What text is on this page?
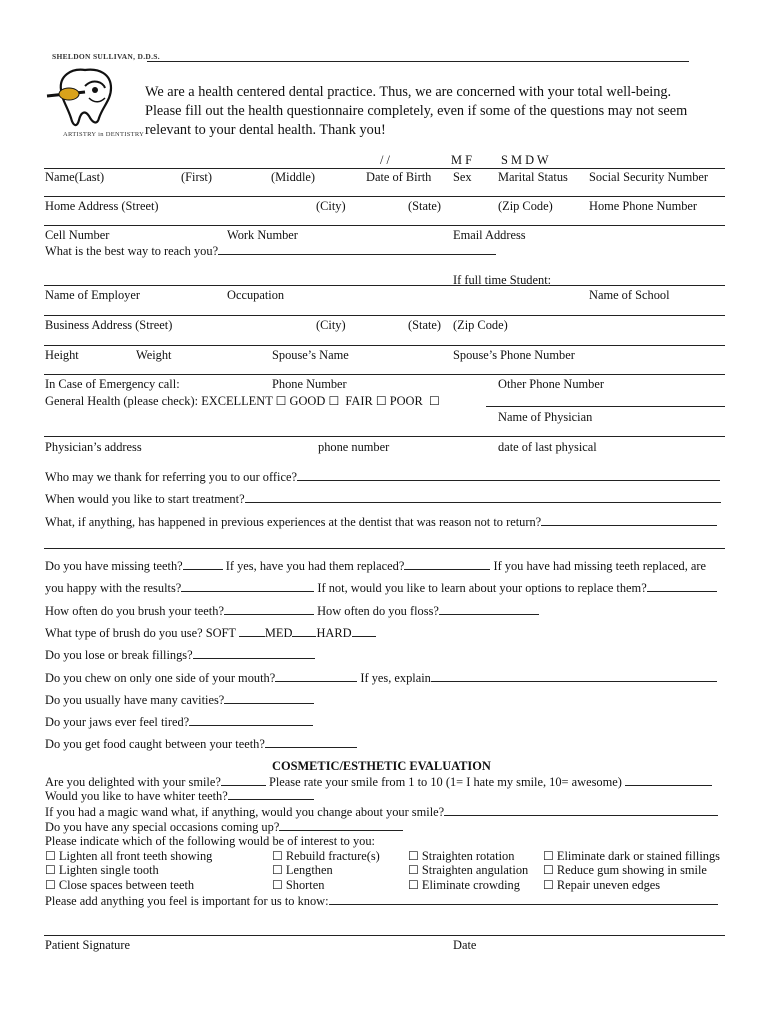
SHELDON SULLIVAN, D.D.S.
ARTISTRY in DENTISTRY
We are a health centered dental practice. Thus, we are concerned with your total well-being.
Please fill out the health questionnaire completely, even if some of the questions may not seem
relevant to your dental health. Thank you!
/ /	M F S M D W
Name(Last)	(First)	(Middle)	Date of Birth Sex Marital Status Social Security Number
Home Address (Street)	(City)	(State)	(Zip Code)	Home Phone Number
Cell Number	Work Number	Email Address
What is the best way to reach you?
If full time Student:
Name of Employer	Occupation	Name of School
Business Address (Street)	(City)	(State) (Zip Code)
Height	Weight	Spouse’s Name	Spouse’s Phone Number
In Case of Emergency call:	Phone Number	Other Phone Number
General Health (please check): EXCELLENT ☐ GOOD ☐ FAIR ☐ POOR ☐
Name of Physician
Physician’s address	phone number	date of last physical
Who may we thank for referring you to our office?
When would you like to start treatment?
What, if anything, has happened in previous experiences at the dentist that was reason not to return?
Do you have missing teeth?	If yes, have you had them replaced?	If you have had missing teeth replaced, are
you happy with the results?	If not, would you like to learn about your options to replace them?
How often do you brush your teeth?	How often do you floss?
What type of brush do you use? SOFT MED HARD
Do you lose or break fillings?
Do you chew on only one side of your mouth?	If yes, explain
Do you usually have many cavities?
Do your jaws ever feel tired?
Do you get food caught between your teeth?
COSMETIC/ESTHETIC EVALUATION
Are you delighted with your smile?	Please rate your smile from 1 to 10 (1= I hate my smile, 10= awesome)
Would you like to have whiter teeth?
If you had a magic wand what, if anything, would you change about your smile?
Do you have any special occasions coming up?
Please indicate which of the following would be of interest to you:
☐ Lighten all front teeth showing	☐ Rebuild fracture(s) ☐ Straighten rotation ☐ Eliminate dark or stained fillings
☐ Lighten single tooth	☐ Lengthen	☐ Straighten angulation ☐ Reduce gum showing in smile
☐ Close spaces between teeth	☐ Shorten	☐ Eliminate crowding ☐ Repair uneven edges
Please add anything you feel is important for us to know:
Patient Signature	Date
